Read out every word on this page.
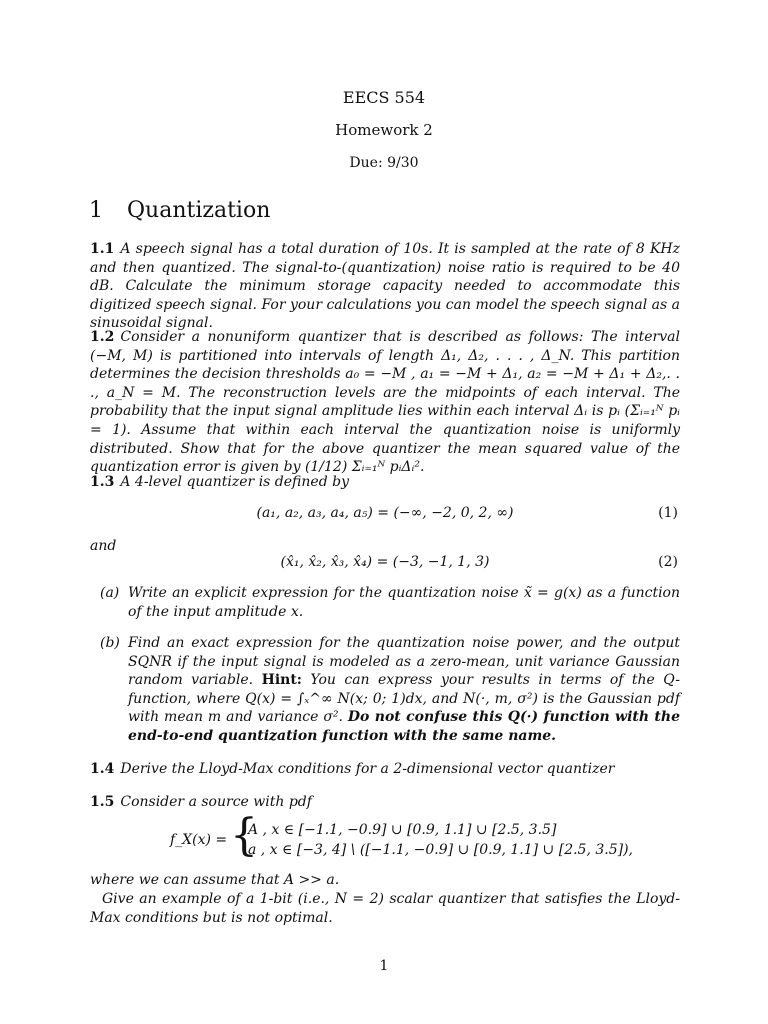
EECS 554
Homework 2
Due: 9/30
1 Quantization
1.1 A speech signal has a total duration of 10s. It is sampled at the rate of 8 KHz and then quantized. The signal-to-(quantization) noise ratio is required to be 40 dB. Calculate the minimum storage capacity needed to accommodate this digitized speech signal. For your calculations you can model the speech signal as a sinusoidal signal.
1.2 Consider a nonuniform quantizer that is described as follows: The interval (−M, M) is partitioned into intervals of length Δ₁, Δ₂, . . . , Δ_N. This partition determines the decision thresholds a₀ = −M , a₁ = −M + Δ₁, a₂ = −M + Δ₁ + Δ₂,. . ., a_N = M. The reconstruction levels are the midpoints of each interval. The probability that the input signal amplitude lies within each interval Δᵢ is pᵢ (Σᵢ₌₁ᴺ pᵢ = 1). Assume that within each interval the quantization noise is uniformly distributed. Show that for the above quantizer the mean squared value of the quantization error is given by (1/12) Σᵢ₌₁ᴺ pᵢΔᵢ².
1.3 A 4-level quantizer is defined by
(a₁, a₂, a₃, a₄, a₅) = (−∞, −2, 0, 2, ∞)	(1)
and
(x̂₁, x̂₂, x̂₃, x̂₄) = (−3, −1, 1, 3)	(2)
(a) Write an explicit expression for the quantization noise x̃ = g(x) as a function of the input amplitude x.
(b) Find an exact expression for the quantization noise power, and the output SQNR if the input signal is modeled as a zero-mean, unit variance Gaussian random variable. Hint: You can express your results in terms of the Q-function, where Q(x) = ∫ₓ^∞ N(x; 0; 1)dx, and N(·, m, σ²) is the Gaussian pdf with mean m and variance σ². Do not confuse this Q(·) function with the end-to-end quantization function with the same name.
1.4 Derive the Lloyd-Max conditions for a 2-dimensional vector quantizer
1.5 Consider a source with pdf
f_X(x) = {
A , x ∈ [−1.1, −0.9] ∪ [0.9, 1.1] ∪ [2.5, 3.5]
a , x ∈ [−3, 4] \ ([−1.1, −0.9] ∪ [0.9, 1.1] ∪ [2.5, 3.5]),
where we can assume that A >> a.
Give an example of a 1-bit (i.e., N = 2) scalar quantizer that satisfies the Lloyd-Max conditions but is not optimal.
1
